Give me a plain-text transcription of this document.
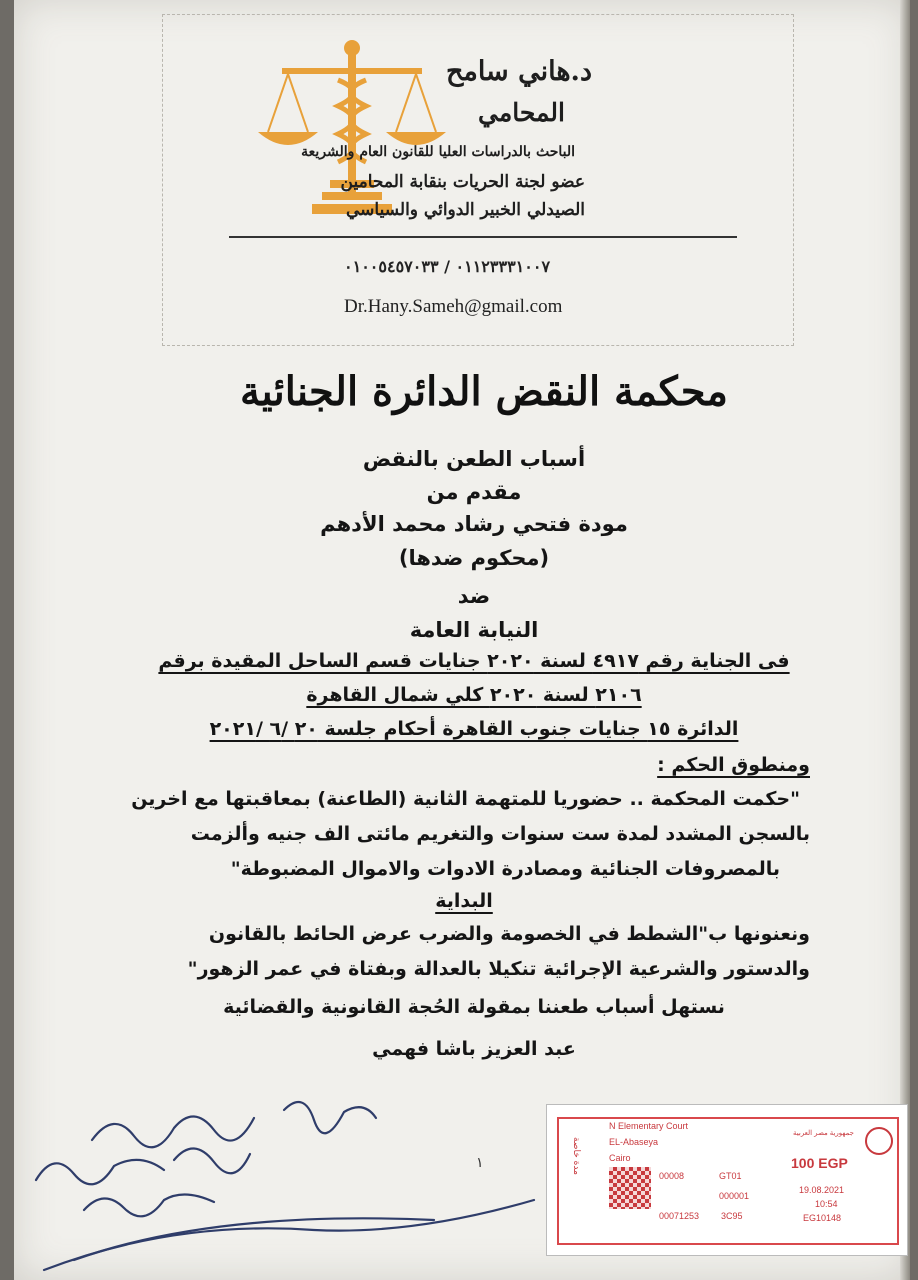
د.هاني سامح
المحامي
الباحث بالدراسات العليا للقانون العام والشريعة
عضو لجنة الحريات بنقابة المحامين
الصيدلي الخبير الدوائي والسياسي
٠١١٢٣٣٣١٠٠٧ / ٠١٠٠٥٤٥٧٠٣٣
Dr.Hany.Sameh@gmail.com
محكمة النقض الدائرة الجنائية
أسباب الطعن بالنقض
مقدم من
مودة فتحي رشاد محمد الأدهم
(محكوم ضدها)
ضد
النيابة العامة
فى الجناية رقم ٤٩١٧ لسنة ٢٠٢٠ جنايات قسم الساحل المقيدة برقم
٢١٠٦ لسنة ٢٠٢٠ كلي شمال القاهرة
الدائرة ١٥ جنايات جنوب القاهرة أحكام جلسة ٢٠ /٦ /٢٠٢١
ومنطوق الحكم :
"حكمت المحكمة .. حضوريا للمتهمة الثانية (الطاعنة) بمعاقبتها مع اخرين
بالسجن المشدد لمدة ست سنوات والتغريم مائتى الف جنيه وألزمت
بالمصروفات الجنائية ومصادرة الادوات والاموال المضبوطة"
البداية
ونعنونها ب"الشطط في الخصومة والضرب عرض الحائط بالقانون
والدستور والشرعية الإجرائية تنكيلا بالعدالة وبفتاة في عمر الزهور"
نستهل أسباب طعننا بمقولة الحُجة القانونية والقضائية
عبد العزيز باشا فهمي
١	مدة خاصة
N Elementary Court
EL-Abaseya
Cairo
00008	GT01
000001
00071253 3C95
جمهورية مصر العربية
100 EGP
19.08.2021
10:54
EG10148
